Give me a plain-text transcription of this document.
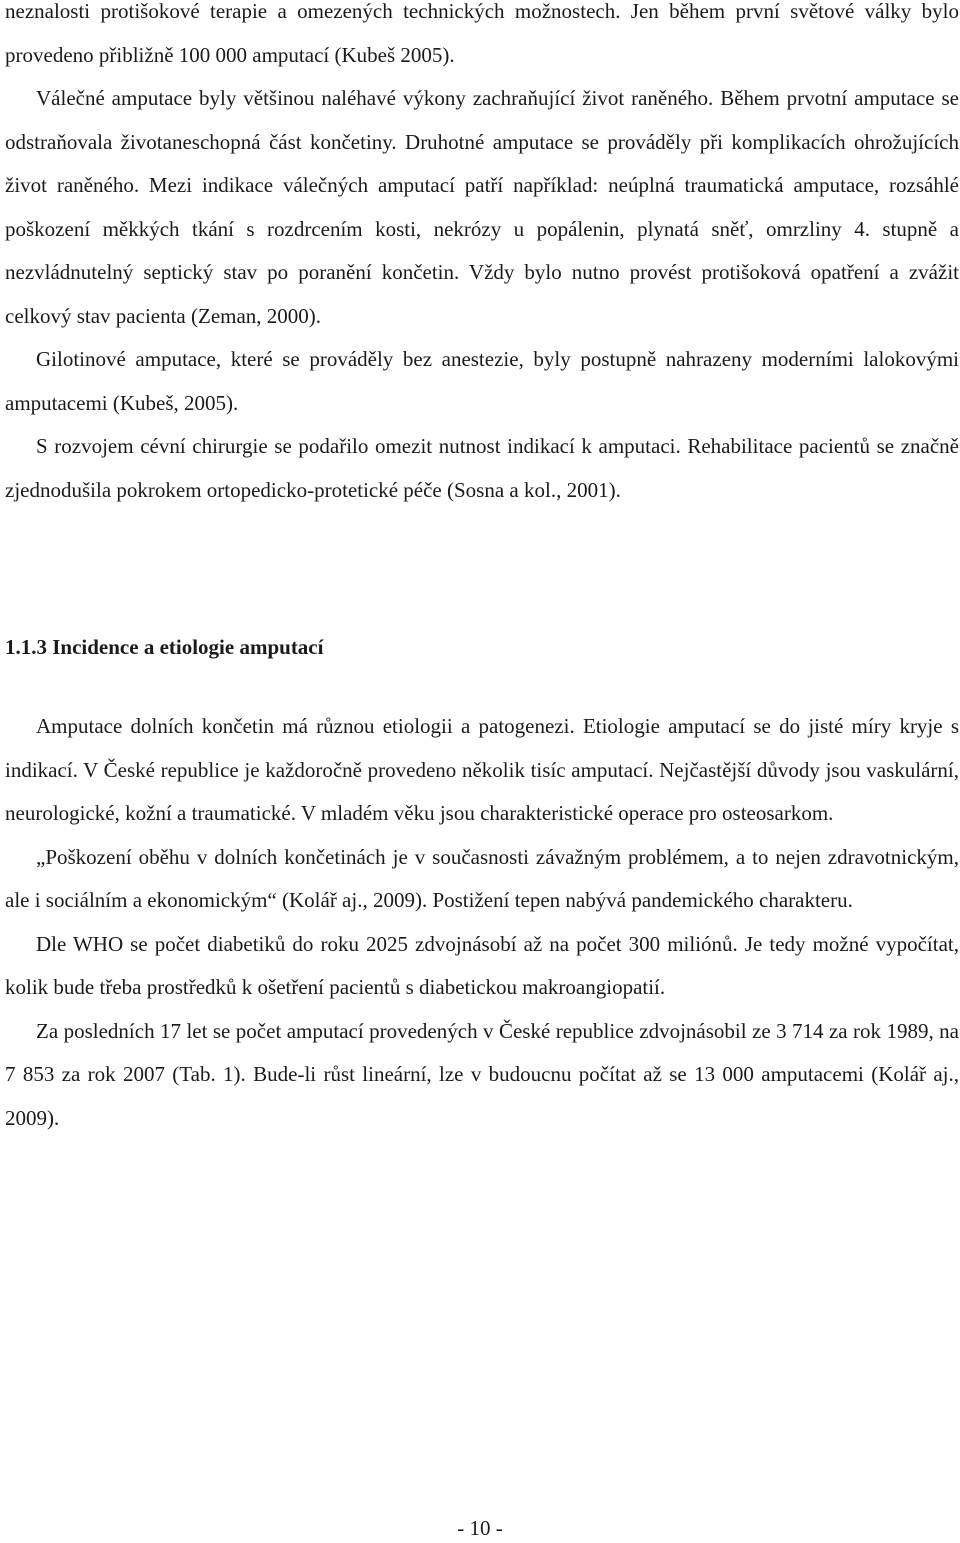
neznalosti protišokové terapie a omezených technických možnostech. Jen během první světové války bylo provedeno přibližně 100 000 amputací (Kubeš 2005).

Válečné amputace byly většinou naléhavé výkony zachraňující život raněného. Během prvotní amputace se odstraňovala životaneschopná část končetiny. Druhotné amputace se prováděly při komplikacích ohrožujících život raněného. Mezi indikace válečných amputací patří například: neúplná traumatická amputace, rozsáhlé poškození měkkých tkání s rozdrcením kosti, nekrózy u popálenin, plynatá sněť, omrzliny 4. stupně a nezvládnutelný septický stav po poranění končetin. Vždy bylo nutno provést protišoková opatření a zvážit celkový stav pacienta (Zeman, 2000).

Gilotinové amputace, které se prováděly bez anestezie, byly postupně nahrazeny moderními lalokovými amputacemi (Kubeš, 2005).

S rozvojem cévní chirurgie se podařilo omezit nutnost indikací k amputaci. Rehabilitace pacientů se značně zjednodušila pokrokem ortopedicko-protetické péče (Sosna a kol., 2001).

1.1.3 Incidence a etiologie amputací

Amputace dolních končetin má různou etiologii a patogenezi. Etiologie amputací se do jisté míry kryje s indikací. V České republice je každoročně provedeno několik tisíc amputací. Nejčastější důvody jsou vaskulární, neurologické, kožní a traumatické. V mladém věku jsou charakteristické operace pro osteosarkom.

„Poškození oběhu v dolních končetinách je v současnosti závažným problémem, a to nejen zdravotnickým, ale i sociálním a ekonomickým“ (Kolář aj., 2009). Postižení tepen nabývá pandemického charakteru.

Dle WHO se počet diabetiků do roku 2025 zdvojnásobí až na počet 300 miliónů. Je tedy možné vypočítat, kolik bude třeba prostředků k ošetření pacientů s diabetickou makroangiopatií.

Za posledních 17 let se počet amputací provedených v České republice zdvojnásobil ze 3 714 za rok 1989, na 7 853 za rok 2007 (Tab. 1). Bude-li růst lineární, lze v budoucnu počítat až se 13 000 amputacemi (Kolář aj., 2009).

- 10 -
